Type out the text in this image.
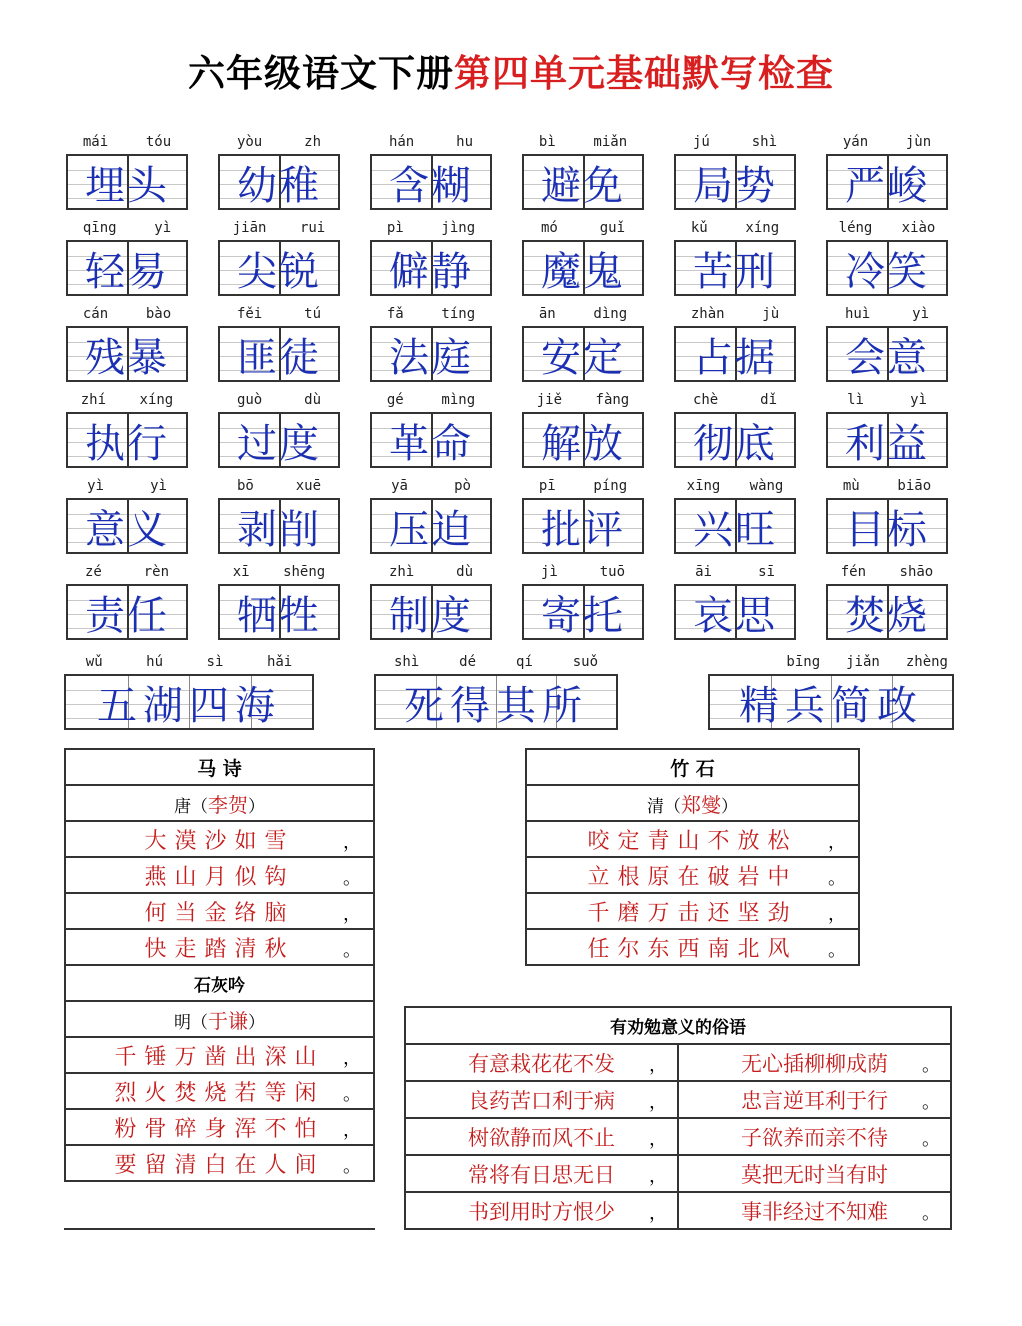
六年级语文下册第四单元基础默写检查
mái	tóu
埋头
yòu	zh
幼稚
hán	hu
含糊
bì	miǎn
避免
jú	shì
局势
yán	jùn
严峻
qīng	yì
轻易
jiān rui
尖锐
pì	jìng
僻静
mó	guǐ
魔鬼
kǔ	xíng
苦刑
léng xiào
冷笑
cán	bào
残暴
fěi	tú
匪徒
fǎ	tíng
法庭
ān	dìng
安定
zhàn	jù
占据
huì	yì
会意
zhí xíng
执行
guò	dù
过度
gé	mìng
革命
jiě fàng
解放
chè	dǐ
彻底
lì	yì
利益
yì	yì
意义
bō	xuē
剥削
yā	pò
压迫
pī	píng
批评
xīng wàng
兴旺
mù	biāo
目标
zé	rèn
责任
xī shēng
牺牲
zhì	dù
制度
jì	tuō
寄托
āi	sī
哀思
fén shāo
焚烧
wǔ	hú	sì	hǎi
五湖四海
shì	dé	qí	suǒ
死得其所
bīng jiǎn zhèng
精兵简政
马 诗
唐（李贺）
大漠沙如雪	，

燕山月似钩	。

何当金络脑	，

快走踏清秋	。

石灰吟
明（于谦）
千锤万凿出深山 ，

烈火焚烧若等闲 。

粉骨碎身浑不怕 ，

要留清白在人间 。
竹 石
清（郑燮）
咬定青山不放松 ，

立根原在破岩中 。

千磨万击还坚劲 ，

任尔东西南北风 。
有劝勉意义的俗语	
有意栽花花不发 ，	无心插柳柳成荫 。

良药苦口利于病 ，	忠言逆耳利于行 。

树欲静而风不止 ，	子欲养而亲不待 。

常将有日思无日 ，	莫把无时当有时

书到用时方恨少 ，	事非经过不知难 。
